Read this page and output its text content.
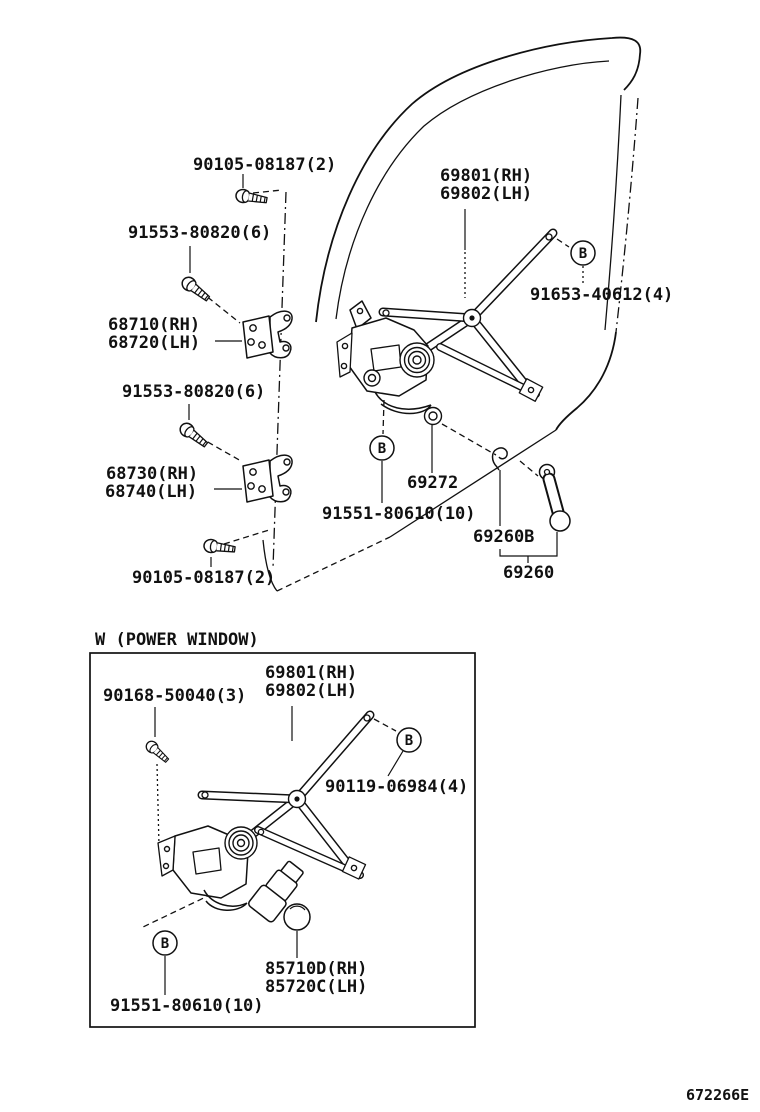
B
B
B
B
90105-08187(2)
91553-80820(6)
68710(RH)
68720(LH)
91553-80820(6)
68730(RH)
68740(LH)
90105-08187(2)
69801(RH)
69802(LH)
91653-40612(4)
69272
91551-80610(10)
69260B
69260
W (POWER WINDOW)
90168-50040(3)
69801(RH)
69802(LH)
90119-06984(4)
85710D(RH)
85720C(LH)
91551-80610(10)
672266E
